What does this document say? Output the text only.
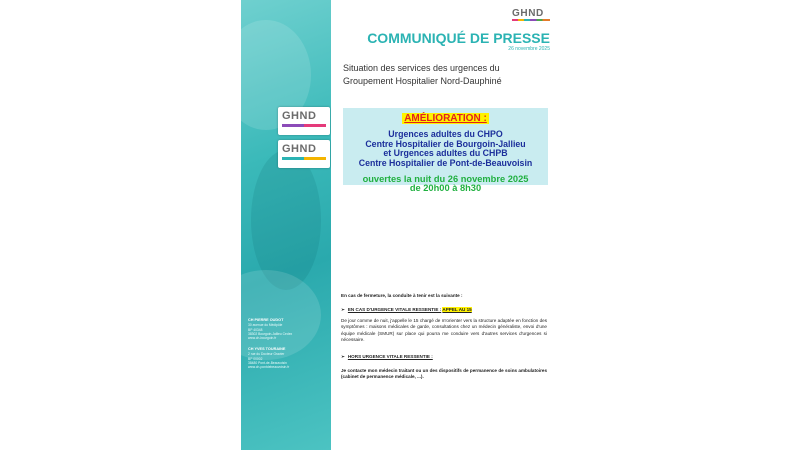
GHND
GHND
CH PIERRE OUDOT
30 avenue du Médipôle
BP 40348
38302 Bourgoin-Jallieu Cedex
www.ch-bourgoin.fr
CH YVES TOURAINE
2 rue du Docteur Gravier
BP 00002
38480 Pont-de-Beauvoisin
www.ch-pontdebeauvoisin.fr
GHND
COMMUNIQUÉ DE PRESSE
26 novembre 2025
Situation des services des urgences du Groupement Hospitalier Nord-Dauphiné
AMÉLIORATION :
Urgences adultes du CHPO
Centre Hospitalier de Bourgoin-Jallieu
et Urgences adultes du CHPB
Centre Hospitalier de Pont-de-Beauvoisin
ouvertes la nuit du 26 novembre 2025
de 20h00 à 8h30
En cas de fermeture, la conduite à tenir est la suivante :
➢ EN CAS D'URGENCE VITALE RESSENTIE : APPEL AU 15
De jour comme de nuit, j'appelle le 15 chargé de m'orienter vers la structure adaptée en fonction des symptômes : maisons médicales de garde, consultations chez un médecin généraliste, envoi d'une équipe médicale (SMUR) sur place qui pourra me conduire vers d'autres services d'urgences si nécessaire.
➢ HORS URGENCE VITALE RESSENTIE :
Je contacte mon médecin traitant ou un des dispositifs de permanence de soins ambulatoires (cabinet de permanence médicale, ...).
